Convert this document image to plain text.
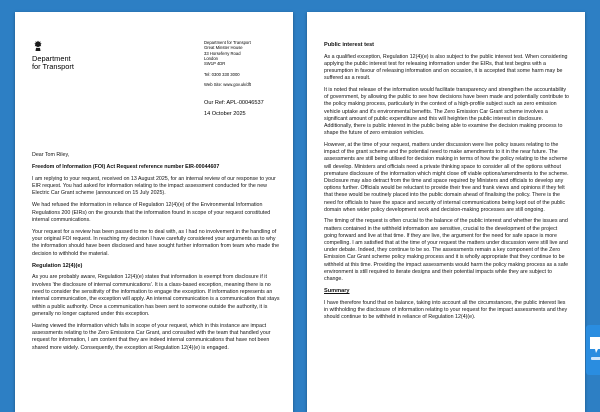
Department
for Transport
Department for Transport
Great Minster House
33 Horseferry Road
London
SW1P 4DR
Tel: 0300 330 3000
Web Site: www.gov.uk/dft
Our Ref: APL-00046537
14 October 2025

Dear Tom Riley,

Freedom of Information (FOI) Act Request reference number EIR-00044607

I am replying to your request, received on 13 August 2025, for an internal review of our response to your EIR request. You had asked for information relating to the impact assessment conducted for the new Electric Car Grant scheme (announced on 15 July 2025).

We had refused the information in reliance of Regulation 12(4)(e) of the Environmental Information Regulations 200 (EIRs) on the grounds that the information found in scope of your request constituted internal communications.

Your request for a review has been passed to me to deal with, as I had no involvement in the handling of your original FOI request. In reaching my decision I have carefully considered your arguments as to why the information should have been disclosed and have sought further information from team who made the decision to withhold the material.

Regulation 12(4)(e)

As you are probably aware, Regulation 12(4)(e) states that information is exempt from disclosure if it involves 'the disclosure of internal communications'. It is a class-based exception, meaning there is no need to consider the sensitivity of the information to engage the exception. If information represents an internal communication, the exception will apply. An internal communication is a communication that stays within a public authority. Once a communication has been sent to someone outside the authority, it is generally no longer captured under this exception.

Having viewed the information which falls in scope of your request, which in this instance are impact assessments relating to the Zero Emissions Car Grant, and consulted with the team that handled your request for information, I am content that they are indeed internal communications that have not been shared more widely. Consequently, the exception at Regulation 12(4)(e) is engaged.

Public interest test

As a qualified exception, Regulation 12(4)(e) is also subject to the public interest test. When considering applying the public interest test for releasing information under the EIRs, that test begins with a presumption in favour of releasing information and on occasion, it is accepted that some harm may be suffered as a result.

It is noted that release of the information would facilitate transparency and strengthen the accountability of government, by allowing the public to see how decisions have been made and potentially contribute to the policy making process, particularly in the context of a high-profile subject such as zero emission vehicle uptake and it's environmental benefits. The Zero Emission Car Grant scheme involves a significant amount of public expenditure and this will heighten the public interest in disclosure. Additionally, there is public interest in the public being able to examine the decision making process to shape the future of zero emission vehicles.

However, at the time of your request, matters under discussion were live policy issues relating to the impact of the grant scheme and the potential need to make amendments to it in the near future. The assessments are still being utilised for decision making in terms of how the policy relating to the scheme will develop. Ministers and officials need a private thinking space to consider all of the options without premature disclosure of the information which might close off viable options/amendments to the scheme. Disclosure may also detract from the time and space required by Ministers and officials to develop any options further. Officials would be reluctant to provide their free and frank views and opinions if they felt that these would be routinely placed into the public domain ahead of finalising the policy. There is the need for officials to have the space and security of internal communications being kept out of the public domain when wider policy development work and decision-making processes are still ongoing.

The timing of the request is often crucial to the balance of the public interest and whether the issues and matters contained in the withheld information are sensitive, crucial to the development of the project going forward and live at that time. If they are live, the argument for the need for safe space is more compelling. I am satisfied that at the time of your request the matters under discussion were still live and under debate. Indeed, they continue to be so. The assessments remain a key component of the Zero Emission Car Grant scheme policy making process and it is wholly appropriate that they continue to be withheld at this time. Providing the impact assessments would harm the policy making process as a safe environment is still required to iterate designs and their potential impacts while they are subject to change.

Summary

I have therefore found that on balance, taking into account all the circumstances, the public interest lies in withholding the disclosure of information relating to your request for the impact assessments and they should continue to be withheld in reliance of Regulation 12(4)(e).
